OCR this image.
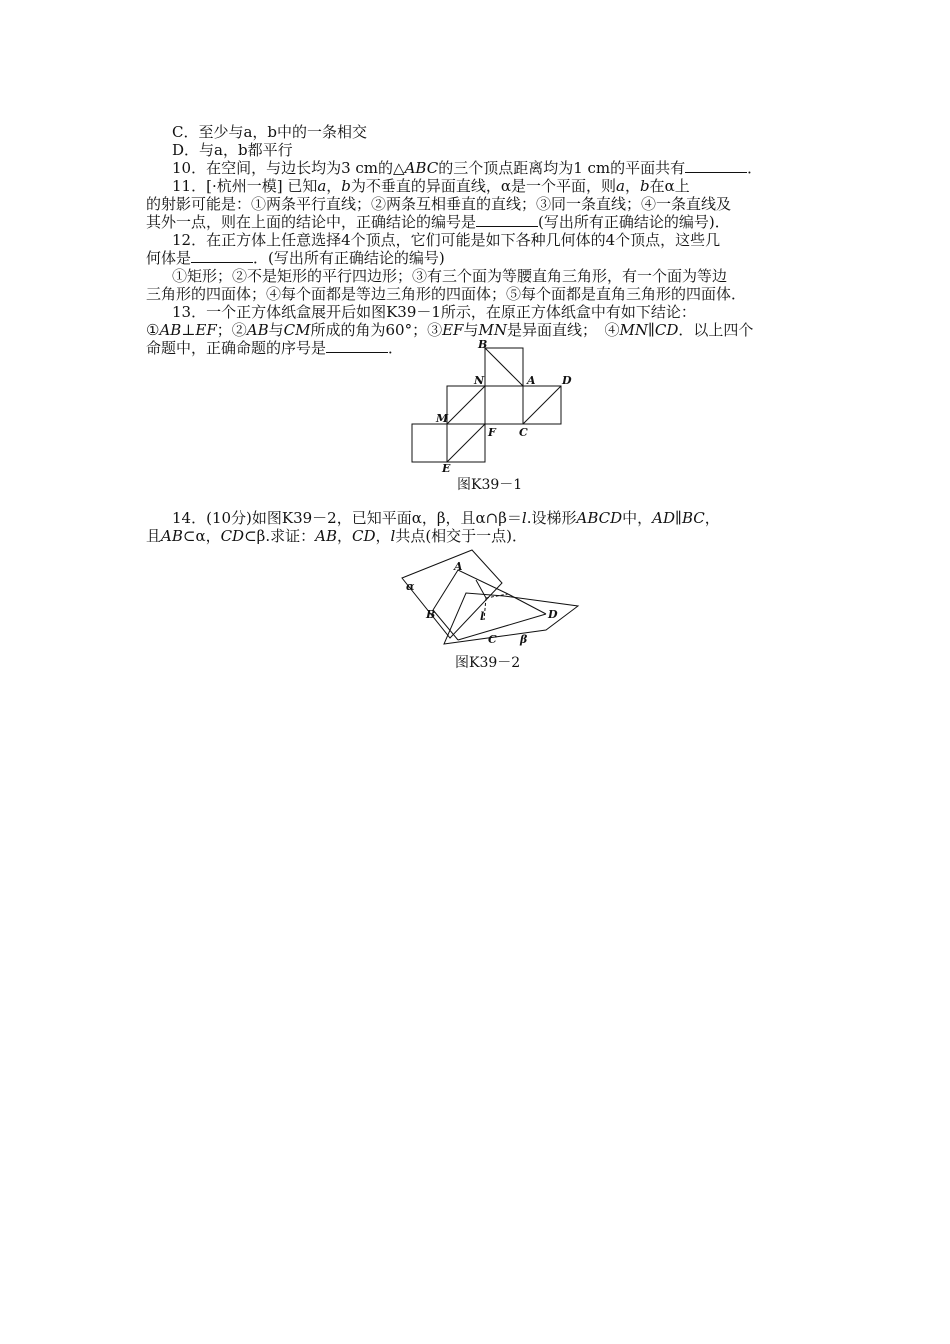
C．至少与a，b中的一条相交
D．与a，b都平行
10．在空间，与边长均为3 cm的△ABC的三个顶点距离均为1 cm的平面共有	．
11．[·杭州一模] 已知a，b为不垂直的异面直线，α是一个平面，则a，b在α上
的射影可能是：①两条平行直线；②两条互相垂直的直线；③同一条直线；④一条直线及
其外一点，则在上面的结论中，正确结论的编号是	(写出所有正确结论的编号)．
12．在正方体上任意选择4个顶点，它们可能是如下各种几何体的4个顶点，这些几
何体是	．(写出所有正确结论的编号)
①矩形；②不是矩形的平行四边形；③有三个面为等腰直角三角形，有一个面为等边
三角形的四面体；④每个面都是等边三角形的四面体；⑤每个面都是直角三角形的四面体．
13．一个正方体纸盒展开后如图K39－1所示，在原正方体纸盒中有如下结论：
①AB⊥EF；②AB与CM所成的角为60°；③EF与MN是异面直线；　④MN∥CD．以上四个
命题中，正确命题的序号是	．	B
N	A D
M
F C
E
图K39－1
14．(10分)如图K39－2，已知平面α，β，且α∩β＝l.设梯形ABCD中，AD∥BC，
且AB⊂α，CD⊂β.求证：AB，CD，l共点(相交于一点)．
α
A
B	l
C β
D
图K39－2
